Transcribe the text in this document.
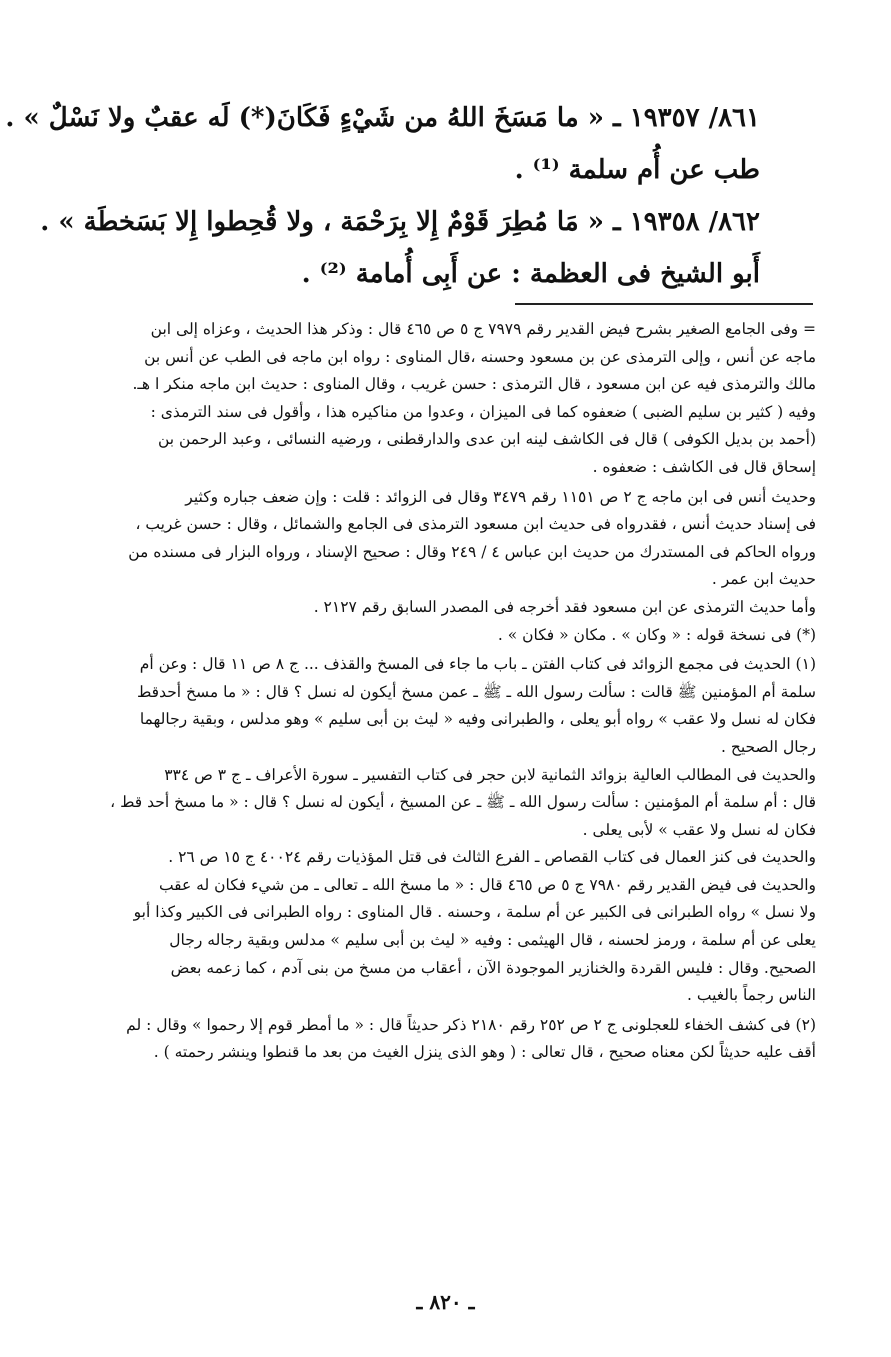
٨٦١/ ١٩٣٥٧ ـ « ما مَسَخَ اللهُ من شَيْءٍ فَكَانَ(*) لَه عقبٌ ولا نَسْلٌ » .
طب عن أُم سلمة ⁽¹⁾ .
٨٦٢/ ١٩٣٥٨ ـ « مَا مُطِرَ قَوْمٌ إِلا بِرَحْمَة ، ولا قُحِطوا إِلا بَسَخطَة » .
أَبو الشيخ فى العظمة : عن أَبِى أُمامة ⁽²⁾ .
= وفى الجامع الصغير بشرح فيض القدير رقم ٧٩٧٩ ج ٥ ص ٤٦٥ قال : وذكر هذا الحديث ، وعزاه إلى ابن
ماجه عن أنس ، وإلى الترمذى عن بن مسعود وحسنه ،قال المناوى : رواه ابن ماجه فى الطب عن أنس بن
مالك والترمذى فيه عن ابن مسعود ، قال الترمذى : حسن غريب ، وقال المناوى : حديث ابن ماجه منكر ا هـ.
وفيه ( كثير بن سليم الضبى ) ضعفوه كما فى الميزان ، وعدوا من مناكيره هذا ، وأقول فى سند الترمذى :
(أحمد بن بديل الكوفى ) قال فى الكاشف لينه ابن عدى والدارقطنى ، ورضيه النسائى ، وعبد الرحمن بن
إسحاق قال فى الكاشف : ضعفوه .
وحديث أنس فى ابن ماجه ج ٢ ص ١١٥١ رقم ٣٤٧٩ وقال فى الزوائد : قلت : وإن ضعف جباره وكثير
فى إسناد حديث أنس ، فقدرواه فى حديث ابن مسعود الترمذى فى الجامع والشمائل ، وقال : حسن غريب ،
ورواه الحاكم فى المستدرك من حديث ابن عباس ٤ / ٢٤٩ وقال : صحيح الإسناد ، ورواه البزار فى مسنده من
حديث ابن عمر .
وأما حديث الترمذى عن ابن مسعود فقد أخرجه فى المصدر السابق رقم ٢١٢٧ .
(*) فى نسخة قوله : « وكان » . مكان « فكان » .
(١) الحديث فى مجمع الزوائد فى كتاب الفتن ـ باب ما جاء فى المسخ والقذف ... ج ٨ ص ١١ قال : وعن أم
سلمة أم المؤمنين ﷺ قالت : سألت رسول الله ـ ﷺ ـ عمن مسخ أيكون له نسل ؟ قال : « ما مسخ أحدقط
فكان له نسل ولا عقب » رواه أبو يعلى ، والطبرانى وفيه « ليث بن أبى سليم » وهو مدلس ، وبقية رجالهما
رجال الصحيح .
والحديث فى المطالب العالية بزوائد الثمانية لابن حجر فى كتاب التفسير ـ سورة الأعراف ـ ج ٣ ص ٣٣٤
قال : أم سلمة أم المؤمنين : سألت رسول الله ـ ﷺ ـ عن المسيخ ، أيكون له نسل ؟ قال : « ما مسخ أحد قط ،
فكان له نسل ولا عقب » لأبى يعلى .
والحديث فى كنز العمال فى كتاب القصاص ـ الفرع الثالث فى قتل المؤذيات رقم ٤٠٠٢٤ ج ١٥ ص ٢٦ .
والحديث فى فيض القدير رقم ٧٩٨٠ ج ٥ ص ٤٦٥ قال : « ما مسخ الله ـ تعالى ـ من شيء فكان له عقب
ولا نسل » رواه الطبرانى فى الكبير عن أم سلمة ، وحسنه . قال المناوى : رواه الطبرانى فى الكبير وكذا أبو
يعلى عن أم سلمة ، ورمز لحسنه ، قال الهيثمى : وفيه « ليث بن أبى سليم » مدلس وبقية رجاله رجال
الصحيح. وقال : فليس القردة والخنازير الموجودة الآن ، أعقاب من مسخ من بنى آدم ، كما زعمه بعض
الناس رجماً بالغيب .
(٢) فى كشف الخفاء للعجلونى ج ٢ ص ٢٥٢ رقم ٢١٨٠ ذكر حديثاً قال : « ما أمطر قوم إلا رحموا » وقال : لم
أقف عليه حديثاً لكن معناه صحيح ، قال تعالى : ( وهو الذى ينزل الغيث من بعد ما قنطوا وينشر رحمته ) .
ـ ٨٢٠ ـ
